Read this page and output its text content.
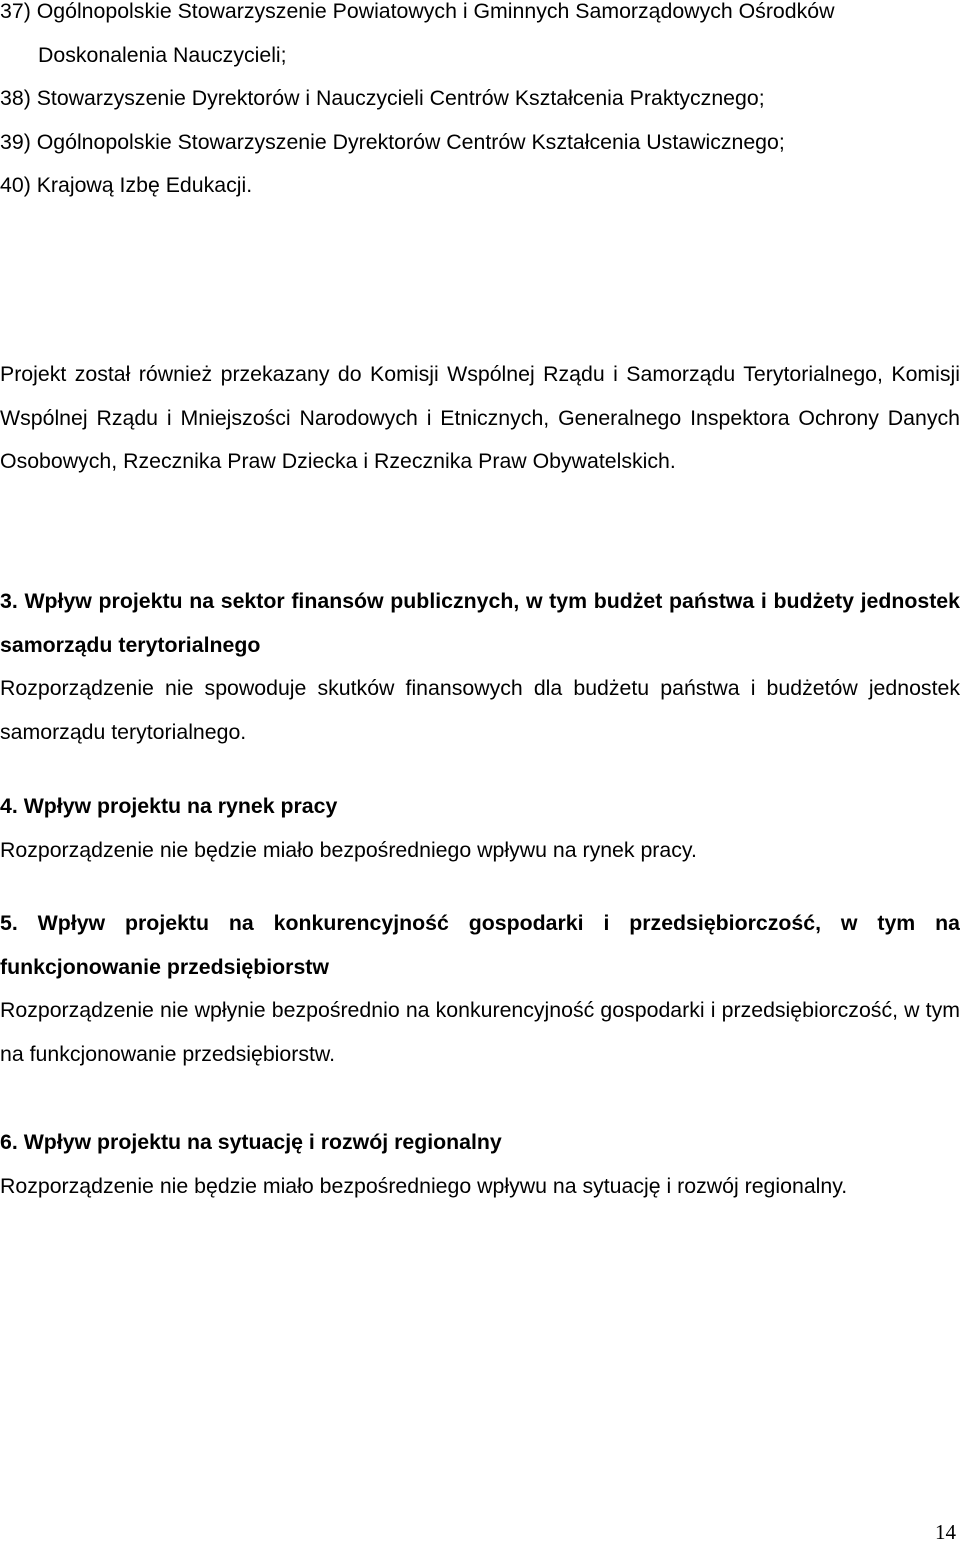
37) Ogólnopolskie Stowarzyszenie Powiatowych i Gminnych Samorządowych Ośrodków Doskonalenia Nauczycieli;
38) Stowarzyszenie Dyrektorów i Nauczycieli Centrów Kształcenia Praktycznego;
39) Ogólnopolskie Stowarzyszenie Dyrektorów Centrów Kształcenia Ustawicznego;
40) Krajową Izbę Edukacji.

Projekt został również przekazany do Komisji Wspólnej Rządu i Samorządu Terytorialnego, Komisji Wspólnej Rządu i Mniejszości Narodowych i Etnicznych, Generalnego Inspektora Ochrony Danych Osobowych, Rzecznika Praw Dziecka i Rzecznika Praw Obywatelskich.

3. Wpływ projektu na sektor finansów publicznych, w tym budżet państwa i budżety jednostek samorządu terytorialnego

Rozporządzenie nie spowoduje skutków finansowych dla budżetu państwa i budżetów jednostek samorządu terytorialnego.

4. Wpływ projektu na rynek pracy

Rozporządzenie nie będzie miało bezpośredniego wpływu na rynek pracy.

5. Wpływ projektu na konkurencyjność gospodarki i przedsiębiorczość, w tym na funkcjonowanie przedsiębiorstw

Rozporządzenie nie wpłynie bezpośrednio na konkurencyjność gospodarki i przedsiębiorczość, w tym na funkcjonowanie przedsiębiorstw.

6. Wpływ projektu na sytuację i rozwój regionalny

Rozporządzenie nie będzie miało bezpośredniego wpływu na sytuację i rozwój regionalny.

14
